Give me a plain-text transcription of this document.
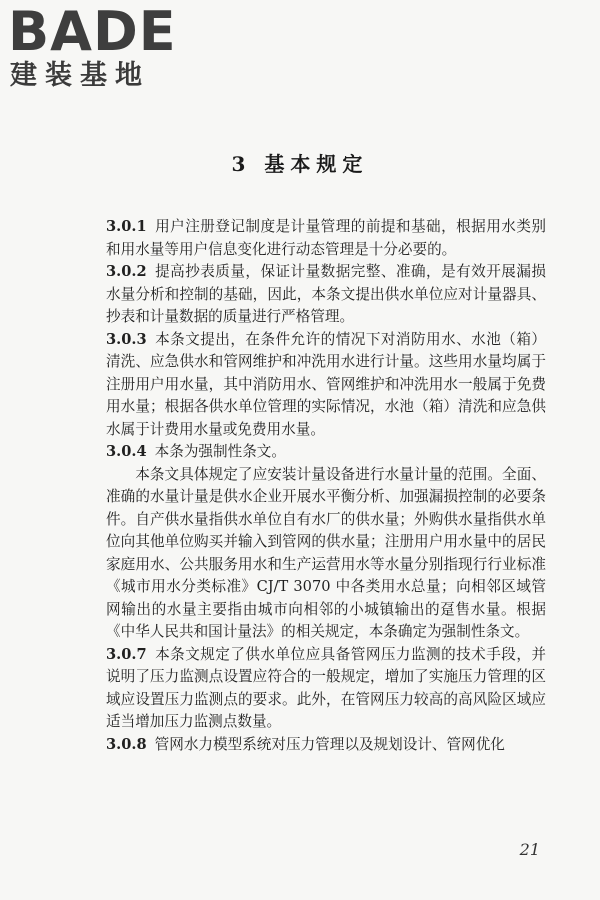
BADE
建装基地
3 基本规定

3.0.1 用户注册登记制度是计量管理的前提和基础，根据用水类别和用水量等用户信息变化进行动态管理是十分必要的。

3.0.2 提高抄表质量，保证计量数据完整、准确，是有效开展漏损水量分析和控制的基础，因此，本条文提出供水单位应对计量器具、抄表和计量数据的质量进行严格管理。

3.0.3 本条文提出，在条件允许的情况下对消防用水、水池（箱）清洗、应急供水和管网维护和冲洗用水进行计量。这些用水量均属于注册用户用水量，其中消防用水、管网维护和冲洗用水一般属于免费用水量；根据各供水单位管理的实际情况，水池（箱）清洗和应急供水属于计费用水量或免费用水量。

3.0.4 本条为强制性条文。

本条文具体规定了应安装计量设备进行水量计量的范围。全面、准确的水量计量是供水企业开展水平衡分析、加强漏损控制的必要条件。自产供水量指供水单位自有水厂的供水量；外购供水量指供水单位向其他单位购买并输入到管网的供水量；注册用户用水量中的居民家庭用水、公共服务用水和生产运营用水等水量分别指现行行业标准《城市用水分类标准》CJ/T 3070 中各类用水总量；向相邻区域管网输出的水量主要指由城市向相邻的小城镇输出的趸售水量。根据《中华人民共和国计量法》的相关规定，本条确定为强制性条文。

3.0.7 本条文规定了供水单位应具备管网压力监测的技术手段，并说明了压力监测点设置应符合的一般规定，增加了实施压力管理的区域应设置压力监测点的要求。此外，在管网压力较高的高风险区域应适当增加压力监测点数量。

3.0.8 管网水力模型系统对压力管理以及规划设计、管网优化

21
